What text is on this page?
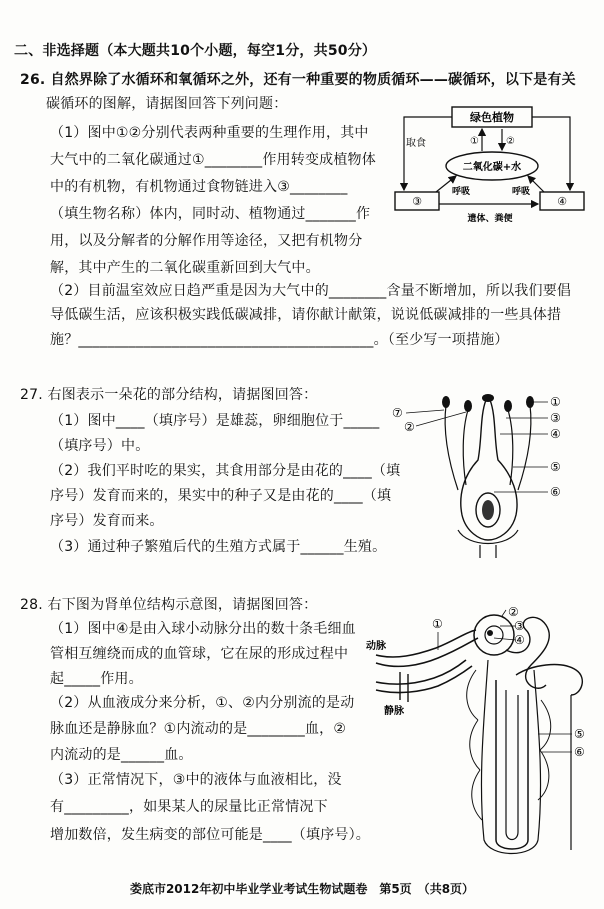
二、非选择题（本大题共10个小题，每空1分，共50分）
26. 自然界除了水循环和氧循环之外，还有一种重要的物质循环——碳循环，以下是有关
碳循环的图解，请据图回答下列问题：
（1）图中①②分别代表两种重要的生理作用，其中
大气中的二氧化碳通过①________作用转变成植物体
中的有机物，有机物通过食物链进入③________
（填生物名称）体内，同时动、植物通过_______作
用，以及分解者的分解作用等途径，又把有机物分
解，其中产生的二氧化碳重新回到大气中。
（2）目前温室效应日趋严重是因为大气中的________含量不断增加，所以我们要倡
导低碳生活，应该积极实践低碳减排，请你献计献策，说说低碳减排的一些具体措
施？_________________________________________。（至少写一项措施）
绿色植物
二氧化碳+水
③	④
①	②
取食
呼吸	呼吸
遗体、粪便
27. 右图表示一朵花的部分结构，请据图回答：
（1）图中____（填序号）是雄蕊，卵细胞位于_____
（填序号）中。
（2）我们平时吃的果实，其食用部分是由花的____（填
序号）发育而来的，果实中的种子又是由花的____（填
序号）发育而来。
（3）通过种子繁殖后代的生殖方式属于______生殖。
⑦
②
①
③
④
⑤
⑥
28. 右下图为肾单位结构示意图，请据图回答：
（1）图中④是由入球小动脉分出的数十条毛细血
管相互缠绕而成的血管球，它在尿的形成过程中
起_____作用。
（2）从血液成分来分析，①、②内分别流的是动
脉血还是静脉血？①内流动的是________血，②
内流动的是______血。
（3）正常情况下，③中的液体与血液相比，没
有_________，如果某人的尿量比正常情况下
增加数倍，发生病变的部位可能是____（填序号）。
动脉
静脉
①
②
③
④
⑤
⑥
娄底市2012年初中毕业学业考试生物试题卷　第5页　（共8页）
